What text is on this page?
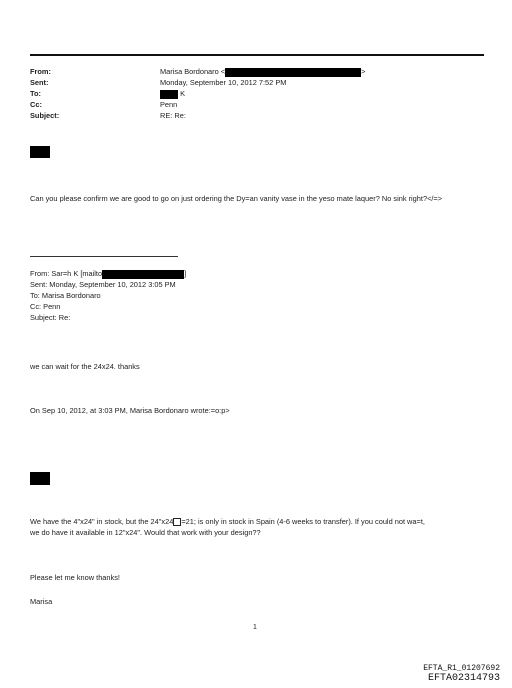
From:
Sent:
To:
Cc:
Subject:
Marisa Bordonaro <	>
Monday, September 10, 2012 7:52 PM
K
Penn
RE: Re:
Can you please confirm we are good to go on just ordering the Dy=an vanity vase in the yeso mate laquer? No sink right?</=>
From: Sar=h K [mailto	]
Sent: Monday, September 10, 2012 3:05 PM
To: Marisa Bordonaro
Cc: Penn
Subject: Re:
we can wait for the 24x24. thanks
On Sep 10, 2012, at 3:03 PM, Marisa Bordonaro wrote:=o:p>
We have the 4"x24" in stock, but the 24"x24 =21; is only in stock in Spain (4-6 weeks to transfer). If you could not wa=t,
we do have it available in 12"x24". Would that work with your design??
Please let me know thanks!
Marisa
1
EFTA_R1_01207692
EFTA02314793
